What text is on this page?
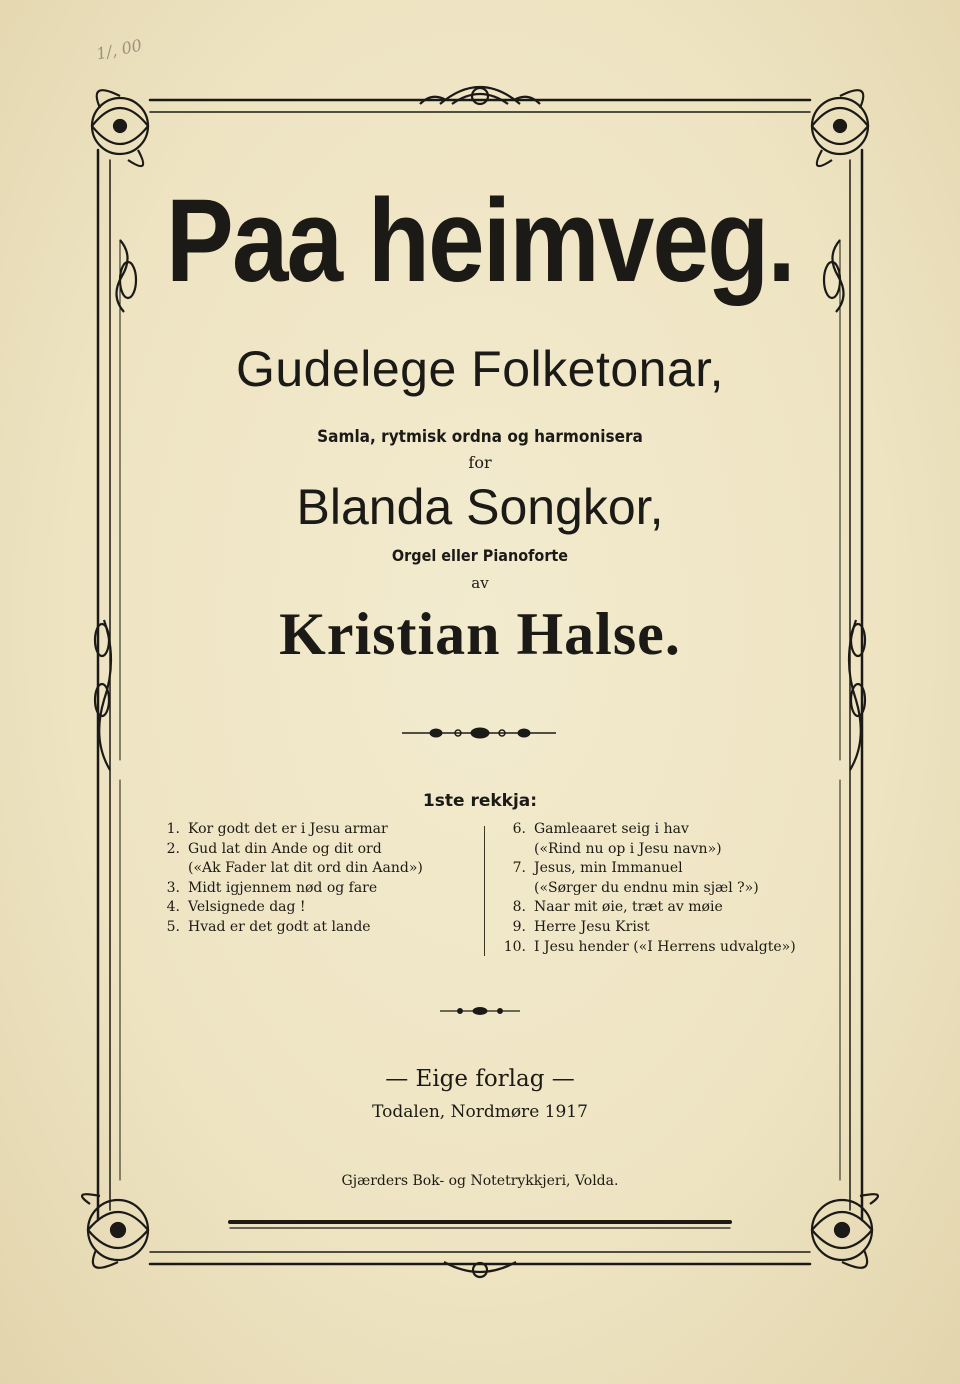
1/, 00
Paa heimveg.
Gudelege Folketonar,
Samla, rytmisk ordna og harmonisera
for
Blanda Songkor,
Orgel eller Pianoforte
av
Kristian Halse.
1ste rekkja:
1. Kor godt det er i Jesu armar
2. Gud lat din Ande og dit ord
(«Ak Fader lat dit ord din Aand»)
3. Midt igjennem nød og fare
4. Velsignede dag !
5. Hvad er det godt at lande
6. Gamleaaret seig i hav
(«Rind nu op i Jesu navn»)
7. Jesus, min Immanuel
(«Sørger du endnu min sjæl ?»)
8. Naar mit øie, træt av møie
9. Herre Jesu Krist
10. I Jesu hender («I Herrens udvalgte»)
— Eige forlag —
Todalen, Nordmøre 1917
Gjærders Bok- og Notetrykkjeri, Volda.
